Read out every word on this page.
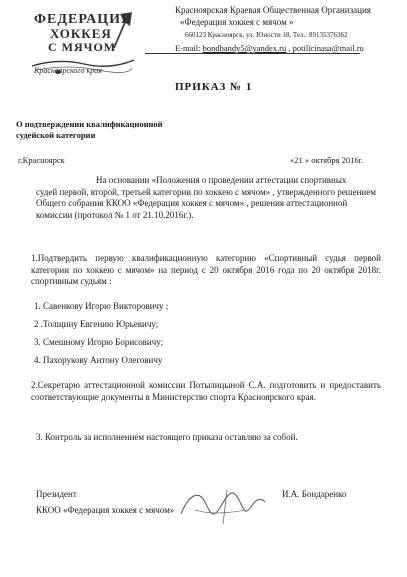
ФЕДЕРАЦИЯ
ХОККЕЯ
С МЯЧОМ
Красноярского края
Красноярская Краевая Общественная Организация
«Федерация хоккея с мячом »
660123 Красноярск, ул. Юности 18. Тел.: 89135376362
E-mail: bondbandy5@yandex.ru , potilicinasa@mail.ru
ПРИКАЗ № 1
О подтверждении квалификационной
судейской категории
г.Красноярск	«21 » октября 2016г.
На основании «Положения о проведении аттестации спортивных
судей первой, второй, третьей категории по хоккею с мячом» , утвержденного решением Общего собрания ККОО «Федерация хоккея с мячом» , решения аттестационной комиссии (протокол № 1 от 21.10.2016г.).
1.Подтвердить первую квалификационную категорию «Спортивный судья первой категории по хоккею с мячом» на период с 20 октября 2016 года по 20 октября 2018г. спортивным судьям :
1. Савенкову Игорю Викторовичу ;
2 .Толщину Евгению Юрьевичу;
3. Смешному Игорю Борисовичу;
4. Пахорукову Антону Олеговичу
2.Секретарю аттестационной комиссии Потылицыной С.А. подготовить и предоставить соответствующие документы в Министерство спорта Красноярского края.
3. Контроль за исполнением настоящего приказа оставляю за собой.
Президент
ККОО «Федерация хоккея с мячом»
И.А. Бондаренко
